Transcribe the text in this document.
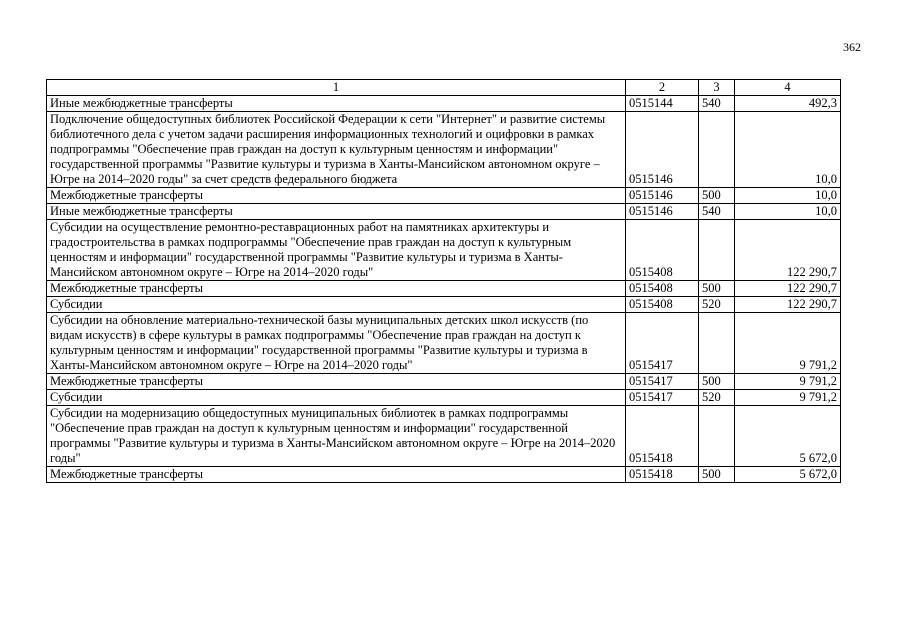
362
1	2	3	4
Иные межбюджетные трансферты	0515144	540	492,3
Подключение общедоступных библиотек Российской Федерации к сети "Интернет" и развитие системы библиотечного дела с учетом задачи расширения информационных технологий и оцифровки в рамках подпрограммы "Обеспечение прав граждан на доступ к культурным ценностям и информации" государственной программы "Развитие культуры и туризма в Ханты-Мансийском автономном округе – Югре на 2014–2020 годы" за счет средств федерального бюджета	0515146		10,0
Межбюджетные трансферты	0515146	500	10,0
Иные межбюджетные трансферты	0515146	540	10,0
Субсидии на осуществление ремонтно-реставрационных работ на памятниках архитектуры и градостроительства в рамках подпрограммы "Обеспечение прав граждан на доступ к культурным ценностям и информации" государственной программы "Развитие культуры и туризма в Ханты-Мансийском автономном округе – Югре на 2014–2020 годы"	0515408		122 290,7
Межбюджетные трансферты	0515408	500	122 290,7
Субсидии	0515408	520	122 290,7
Субсидии на обновление материально-технической базы муниципальных детских школ искусств (по видам искусств) в сфере культуры в рамках подпрограммы "Обеспечение прав граждан на доступ к культурным ценностям и информации" государственной программы "Развитие культуры и туризма в Ханты-Мансийском автономном округе – Югре на 2014–2020 годы"	0515417		9 791,2
Межбюджетные трансферты	0515417	500	9 791,2
Субсидии	0515417	520	9 791,2
Субсидии на модернизацию общедоступных муниципальных библиотек в рамках подпрограммы "Обеспечение прав граждан на доступ к культурным ценностям и информации" государственной программы "Развитие культуры и туризма в Ханты-Мансийском автономном округе – Югре на 2014–2020 годы"	0515418		5 672,0
Межбюджетные трансферты	0515418	500	5 672,0
